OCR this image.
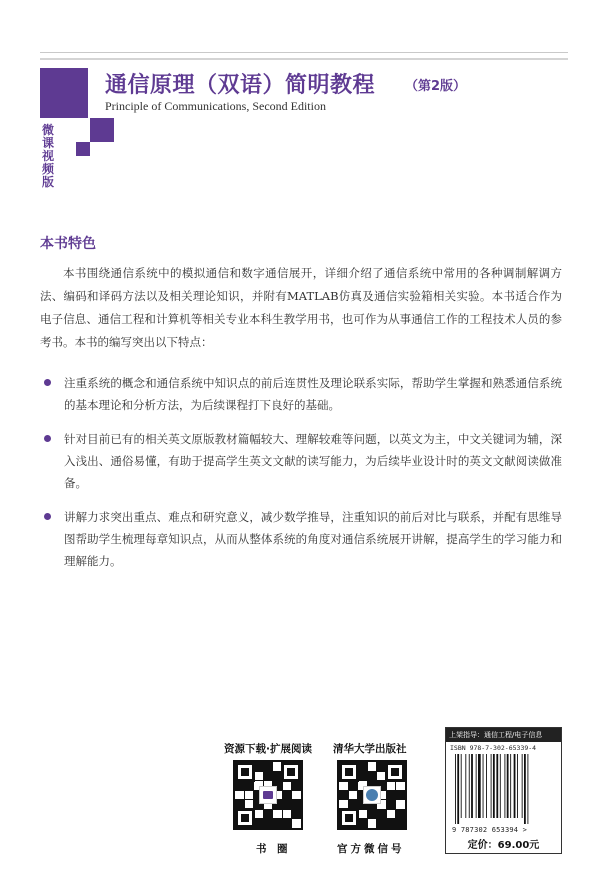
微课视频版
通信原理（双语）简明教程 （第2版）
Principle of Communications, Second Edition
本书特色

本书围绕通信系统中的模拟通信和数字通信展开，详细介绍了通信系统中常用的各种调制解调方法、编码和译码方法以及相关理论知识，并附有MATLAB仿真及通信实验箱相关实验。本书适合作为电子信息、通信工程和计算机等相关专业本科生教学用书，也可作为从事通信工作的工程技术人员的参考书。本书的编写突出以下特点：

注重系统的概念和通信系统中知识点的前后连贯性及理论联系实际，帮助学生掌握和熟悉通信系统的基本理论和分析方法，为后续课程打下良好的基础。
针对目前已有的相关英文原版教材篇幅较大、理解较难等问题，以英文为主，中文关键词为辅，深入浅出、通俗易懂，有助于提高学生英文文献的读写能力，为后续毕业设计时的英文文献阅读做准备。
讲解力求突出重点、难点和研究意义，减少数学推导，注重知识的前后对比与联系，并配有思维导图帮助学生梳理每章知识点，从而从整体系统的角度对通信系统展开讲解，提高学生的学习能力和理解能力。
资源下载·扩展阅读
书　圈
清华大学出版社
官方微信号
上架指导：通信工程/电子信息
ISBN 978-7-302-65339-4
9 787302 653394 >
定价：69.00元
